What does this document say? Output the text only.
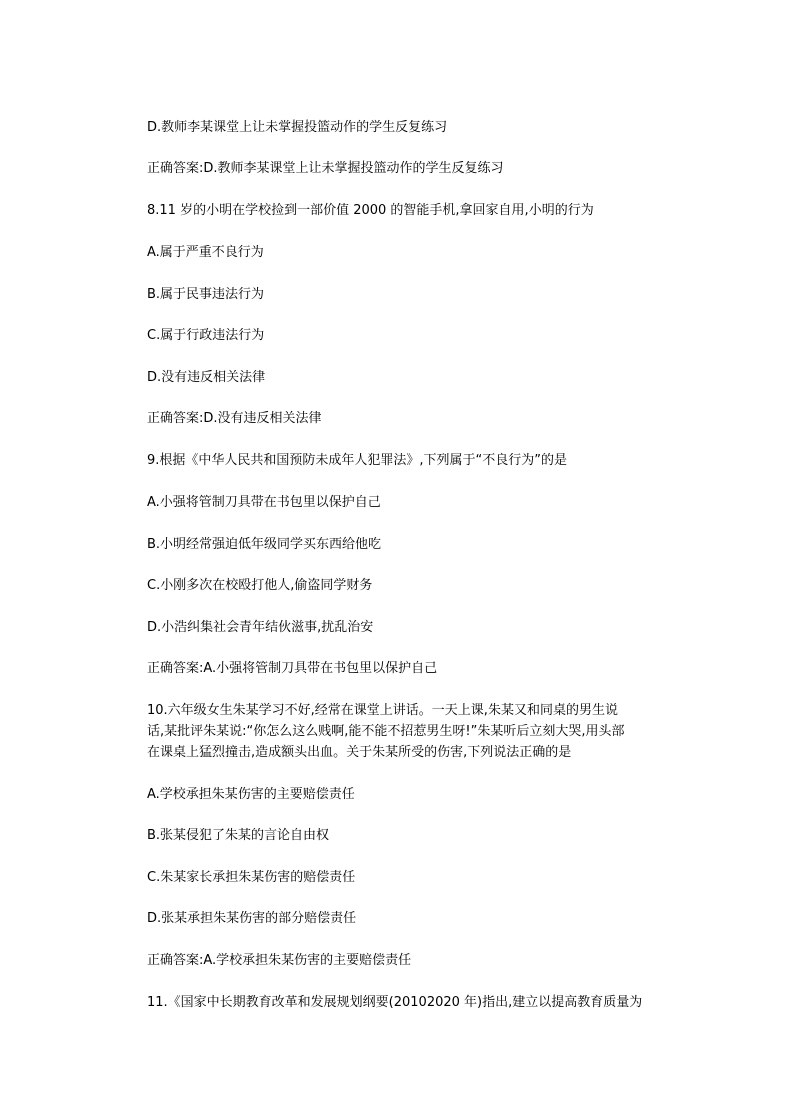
D.教师李某课堂上让未掌握投篮动作的学生反复练习
正确答案:D.教师李某课堂上让未掌握投篮动作的学生反复练习
8.11 岁的小明在学校捡到一部价值 2000 的智能手机,拿回家自用,小明的行为
A.属于严重不良行为
B.属于民事违法行为
C.属于行政违法行为
D.没有违反相关法律
正确答案:D.没有违反相关法律
9.根据《中华人民共和国预防未成年人犯罪法》,下列属于“不良行为”的是
A.小强将管制刀具带在书包里以保护自己
B.小明经常强迫低年级同学买东西给他吃
C.小刚多次在校殴打他人,偷盗同学财务
D.小浩纠集社会青年结伙滋事,扰乱治安
正确答案:A.小强将管制刀具带在书包里以保护自己
10.六年级女生朱某学习不好,经常在课堂上讲话。一天上课,朱某又和同桌的男生说
话,某批评朱某说:“你怎么这么贱啊,能不能不招惹男生呀!”朱某听后立刻大哭,用头部
在课桌上猛烈撞击,造成额头出血。关于朱某所受的伤害,下列说法正确的是
A.学校承担朱某伤害的主要赔偿责任
B.张某侵犯了朱某的言论自由权
C.朱某家长承担朱某伤害的赔偿责任
D.张某承担朱某伤害的部分赔偿责任
正确答案:A.学校承担朱某伤害的主要赔偿责任
11.《国家中长期教育改革和发展规划纲要(20102020 年)指出,建立以提高教育质量为
